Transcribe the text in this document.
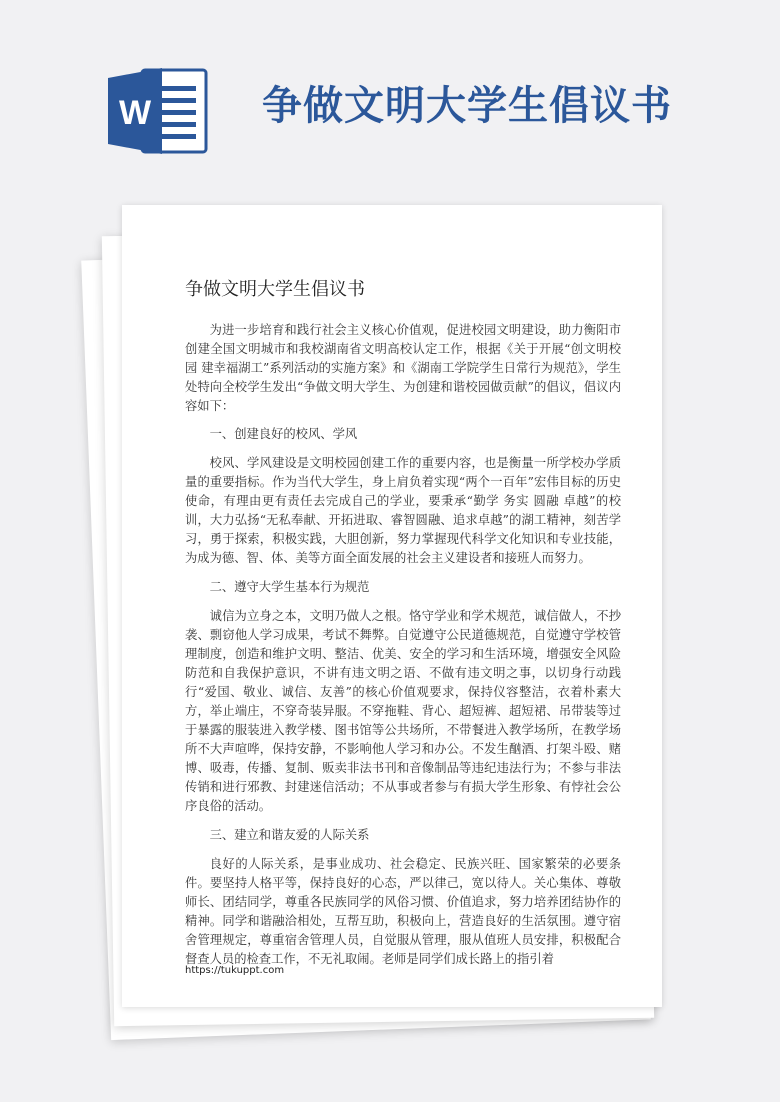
W	争做文明大学生倡议书
争做文明大学生倡议书

为进一步培育和践行社会主义核心价值观，促进校园文明建设，助力衡阳市创建全国文明城市和我校湖南省文明高校认定工作，根据《关于开展“创文明校园 建幸福湖工”系列活动的实施方案》和《湖南工学院学生日常行为规范》，学生处特向全校学生发出“争做文明大学生、为创建和谐校园做贡献”的倡议，倡议内容如下：

一、创建良好的校风、学风

校风、学风建设是文明校园创建工作的重要内容，也是衡量一所学校办学质量的重要指标。作为当代大学生，身上肩负着实现“两个一百年”宏伟目标的历史使命，有理由更有责任去完成自己的学业，要秉承“勤学 务实 圆融 卓越”的校训，大力弘扬“无私奉献、开拓进取、睿智圆融、追求卓越”的湖工精神，刻苦学习，勇于探索，积极实践，大胆创新，努力掌握现代科学文化知识和专业技能，为成为德、智、体、美等方面全面发展的社会主义建设者和接班人而努力。

二、遵守大学生基本行为规范

诚信为立身之本，文明乃做人之根。恪守学业和学术规范，诚信做人，不抄袭、剽窃他人学习成果，考试不舞弊。自觉遵守公民道德规范，自觉遵守学校管理制度，创造和维护文明、整洁、优美、安全的学习和生活环境，增强安全风险防范和自我保护意识，不讲有违文明之语、不做有违文明之事，以切身行动践行“爱国、敬业、诚信、友善”的核心价值观要求，保持仪容整洁，衣着朴素大方，举止端庄，不穿奇装异服。不穿拖鞋、背心、超短裤、超短裙、吊带装等过于暴露的服装进入教学楼、图书馆等公共场所，不带餐进入教学场所，在教学场所不大声喧哗，保持安静，不影响他人学习和办公。不发生酗酒、打架斗殴、赌博、吸毒，传播、复制、贩卖非法书刊和音像制品等违纪违法行为；不参与非法传销和进行邪教、封建迷信活动；不从事或者参与有损大学生形象、有悖社会公序良俗的活动。

三、建立和谐友爱的人际关系

良好的人际关系，是事业成功、社会稳定、民族兴旺、国家繁荣的必要条件。要坚持人格平等，保持良好的心态，严以律己，宽以待人。关心集体、尊敬师长、团结同学，尊重各民族同学的风俗习惯、价值追求，努力培养团结协作的精神。同学和谐融洽相处，互帮互助，积极向上，营造良好的生活氛围。遵守宿舍管理规定，尊重宿舍管理人员，自觉服从管理，服从值班人员安排，积极配合督查人员的检查工作，不无礼取闹。老师是同学们成长路上的指引着

https://tukuppt.com
